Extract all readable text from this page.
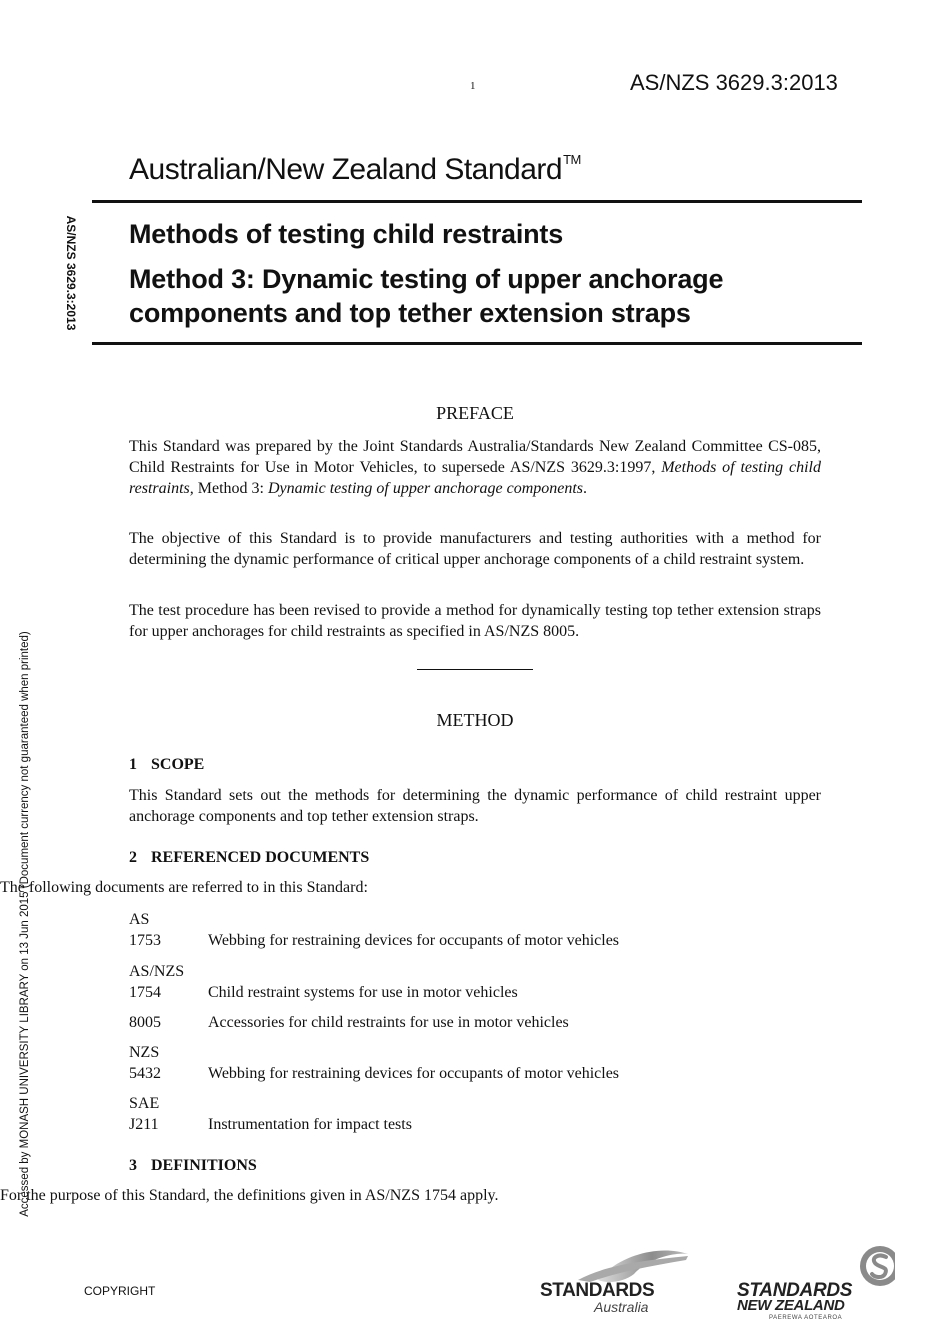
1	AS/NZS 3629.3:2013
AS/NZS 3629.3:2013
Accessed by MONASH UNIVERSITY LIBRARY on 13 Jun 2015 (Document currency not guaranteed when printed)
Australian/New Zealand Standard™
Methods of testing child restraints
Method 3: Dynamic testing of upper anchorage components and top tether extension straps
PREFACE
This Standard was prepared by the Joint Standards Australia/Standards New Zealand Committee CS-085, Child Restraints for Use in Motor Vehicles, to supersede AS/NZS 3629.3:1997, Methods of testing child restraints, Method 3: Dynamic testing of upper anchorage components.
The objective of this Standard is to provide manufacturers and testing authorities with a method for determining the dynamic performance of critical upper anchorage components of a child restraint system.
The test procedure has been revised to provide a method for dynamically testing top tether extension straps for upper anchorages for child restraints as specified in AS/NZS 8005.
METHOD
1 SCOPE
This Standard sets out the methods for determining the dynamic performance of child restraint upper anchorage components and top tether extension straps.
2 REFERENCED DOCUMENTS
The following documents are referred to in this Standard:
AS
1753	Webbing for restraining devices for occupants of motor vehicles
AS/NZS
1754	Child restraint systems for use in motor vehicles
8005	Accessories for child restraints for use in motor vehicles
NZS
5432	Webbing for restraining devices for occupants of motor vehicles
SAE
J211	Instrumentation for impact tests
3 DEFINITIONS
For the purpose of this Standard, the definitions given in AS/NZS 1754 apply.
COPYRIGHT	STANDARDS
Australia
STANDARDS
NEW ZEALAND
PAEREWA AOTEAROA
